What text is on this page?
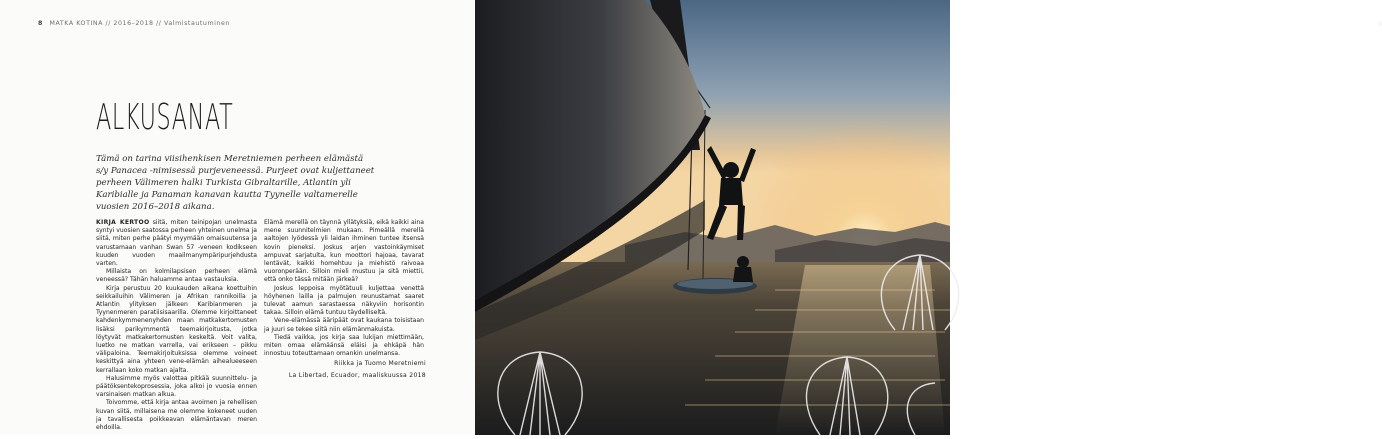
8 MATKA KOTINA // 2016–2018 // Valmistautuminen
ALKUSANAT
Tämä on tarina viisihenkisen Meretniemen perheen elämästä s/y Panacea -nimisessä purjeveneessä. Purjeet ovat kuljettaneet perheen Välimeren halki Turkista Gibraltarille, Atlantin yli Karibialle ja Panaman kanavan kautta Tyynelle valtamerelle vuosien 2016–2018 aikana.

KIRJA KERTOO siitä, miten teinipojan unelmasta syntyi vuosien saatossa perheen yhteinen unelma ja siitä, miten perhe päätyi myymään omaisuutensa ja varustamaan vanhan Swan 57 -veneen kodikseen kuuden vuoden maailmanympäripurjehdusta varten.

Millaista on kolmilapsisen perheen elämä veneessä? Tähän haluamme antaa vastauksia.

Kirja perustuu 20 kuukauden aikana koettuihin seikkailuihin Välimeren ja Afrikan rannikoilla ja Atlantin ylityksen jälkeen Karibianmeren ja Tyynenmeren paratiisisaarilla. Olemme kirjoittaneet kahdenkymmenenyhden maan matkakertomusten lisäksi parikymmentä teemakirjoitusta, jotka löytyvät matkakertomusten keskeltä. Voit valita, luetko ne matkan varrella, vai erikseen – pikku välipaloina. Teemakirjoituksissa olemme voineet keskittyä aina yhteen vene-elämän aihealueeseen kerrallaan koko matkan ajalta.

Halusimme myös valottaa pitkää suunnittelu- ja päätöksentekoprosessia, joka alkoi jo vuosia ennen varsinaisen matkan alkua.

Toivomme, että kirja antaa avoimen ja rehellisen kuvan siitä, millaisena me olemme kokeneet uuden ja tavallisesta poikkeavan elämäntavan meren ehdoilla.

Elämä merellä on täynnä yllätyksiä, eikä kaikki aina mene suunnitelmien mukaan. Pimeällä merellä aaltojen lyödessä yli laidan ihminen tuntee itsensä kovin pieneksi. Joskus arjen vastoinkäymiset ampuvat sarjatulta, kun moottori hajoaa, tavarat lentävät, kaikki homehtuu ja miehistö raivoaa vuoronperään. Silloin mieli mustuu ja sitä miettii, että onko tässä mitään järkeä?

Joskus leppoisa myötätuuli kuljettaa venettä höyhenen lailla ja palmujen reunustamat saaret tulevat aamun sarastaessa näkyviin horisontin takaa. Silloin elämä tuntuu täydelliseltä.

Vene-elämässä ääripäät ovat kaukana toisistaan ja juuri se tekee siitä niin elämänmakuista.

Tiedä vaikka, jos kirja saa lukijan miettimään, miten omaa elämäänsä eläisi ja ehkäpä hän innostuu toteuttamaan omankin unelmansa.

Riikka ja Tuomo Meretniemi
La Libertad, Ecuador, maaliskuussa 2018
9
